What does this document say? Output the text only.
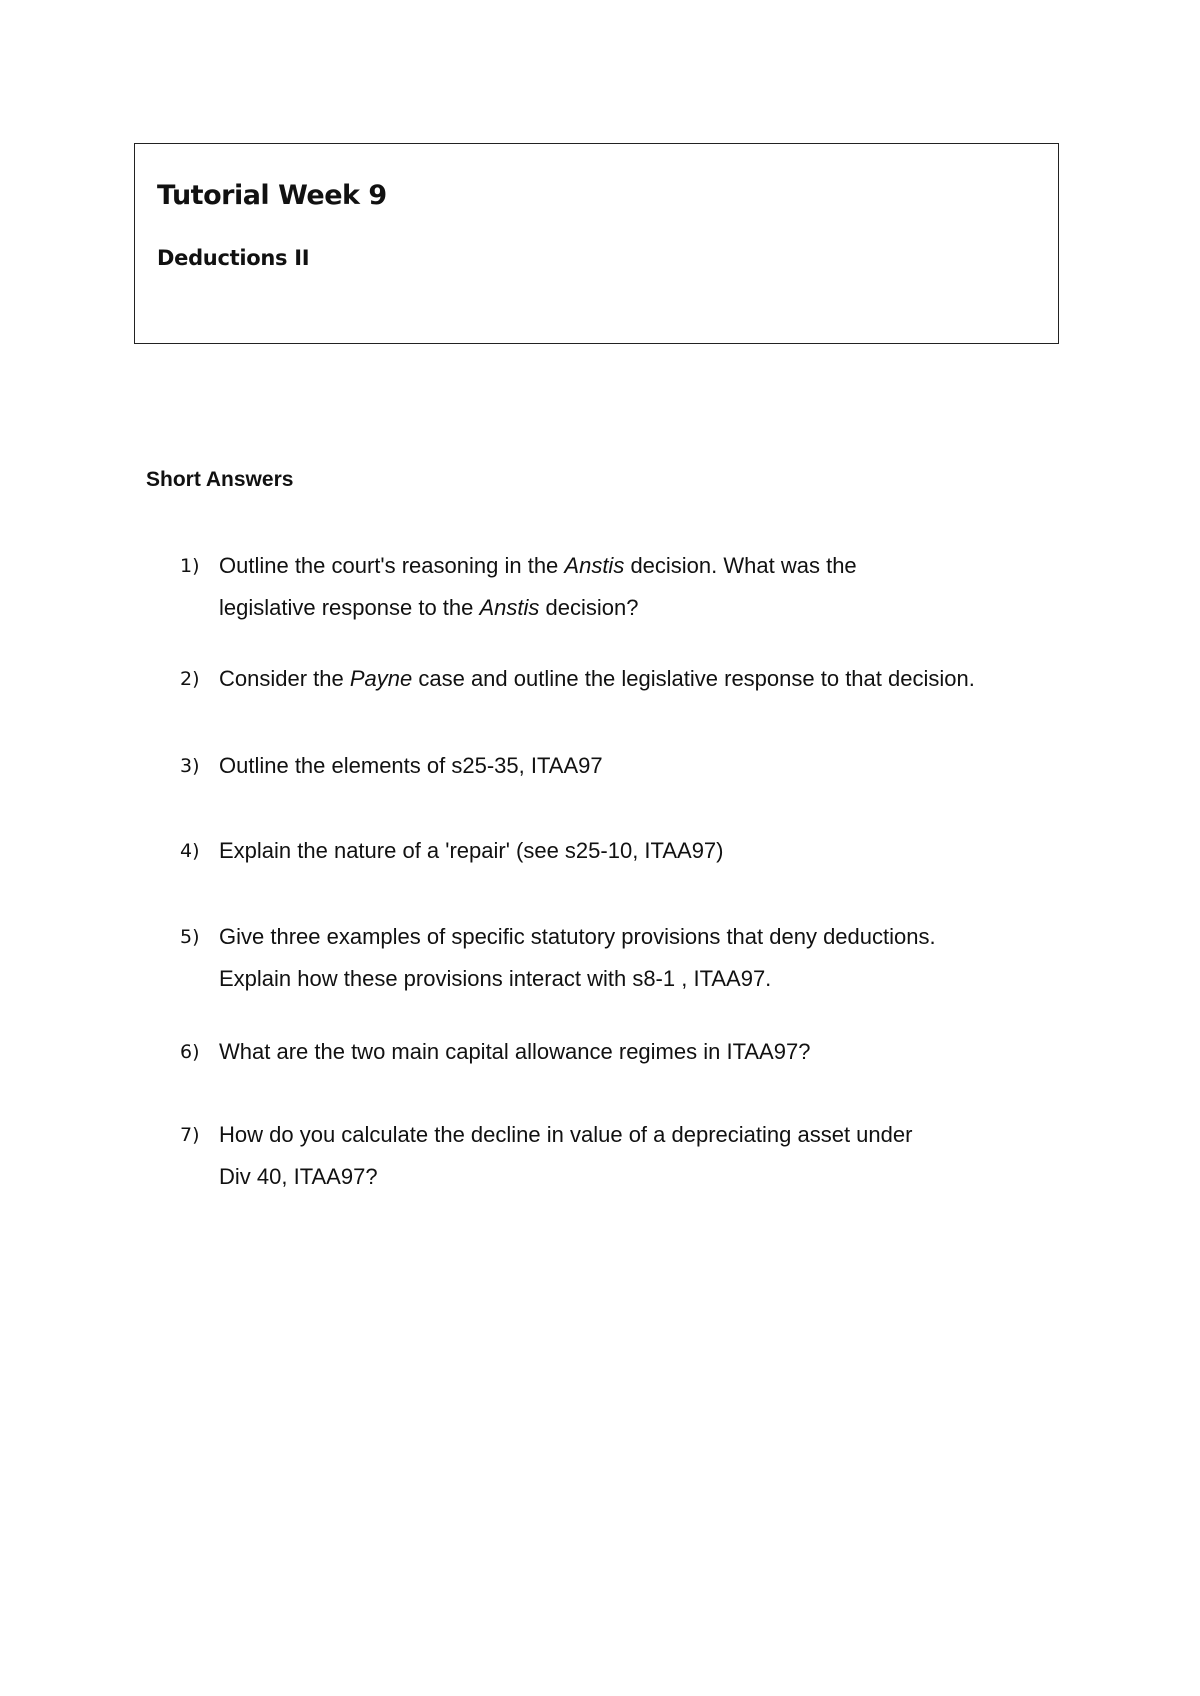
Tutorial Week 9
Deductions II
Short Answers
1) Outline the court's reasoning in the Anstis decision. What was the
legislative response to the Anstis decision?
2) Consider the Payne case and outline the legislative response to that decision.
3) Outline the elements of s25-35, ITAA97
4) Explain the nature of a 'repair' (see s25-10, ITAA97)
5) Give three examples of specific statutory provisions that deny deductions.
Explain how these provisions interact with s8-1 , ITAA97.
6) What are the two main capital allowance regimes in ITAA97?
7) How do you calculate the decline in value of a depreciating asset under
Div 40, ITAA97?
